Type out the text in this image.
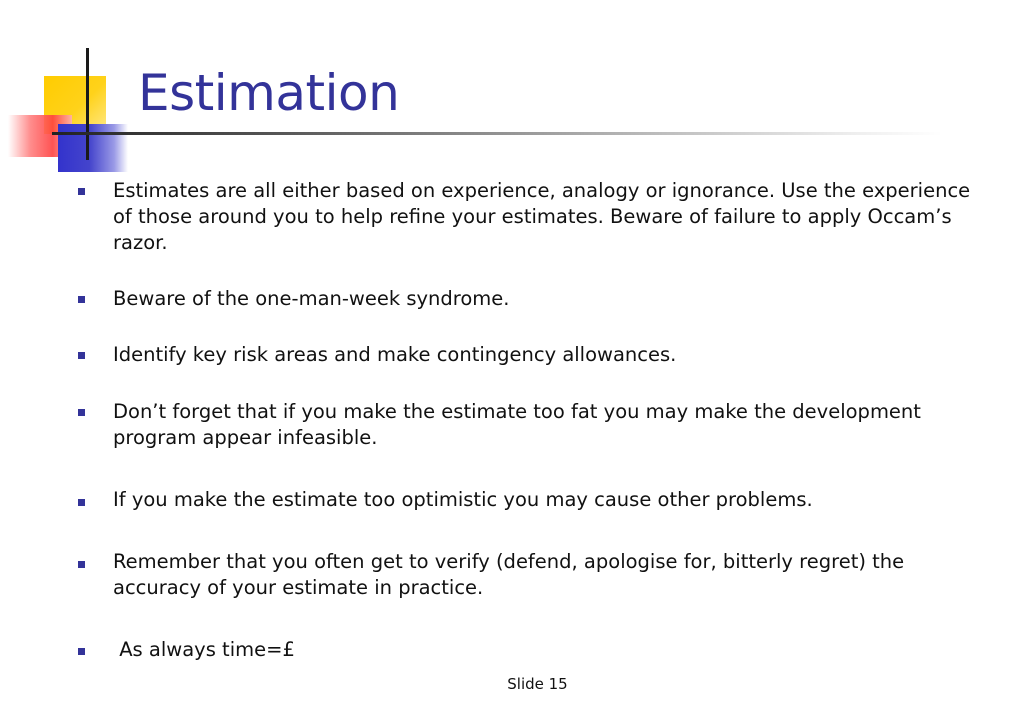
Estimation
Estimates are all either based on experience, analogy or ignorance. Use the experience of those around you to help refine your estimates. Beware of failure to apply Occam’s razor.
Beware of the one-man-week syndrome.
Identify key risk areas and make contingency allowances.
Don’t forget that if you make the estimate too fat you may make the development program appear infeasible.
If you make the estimate too optimistic you may cause other problems.
Remember that you often get to verify (defend, apologise for, bitterly regret) the accuracy of your estimate in practice.
As always time=£
Slide 15
